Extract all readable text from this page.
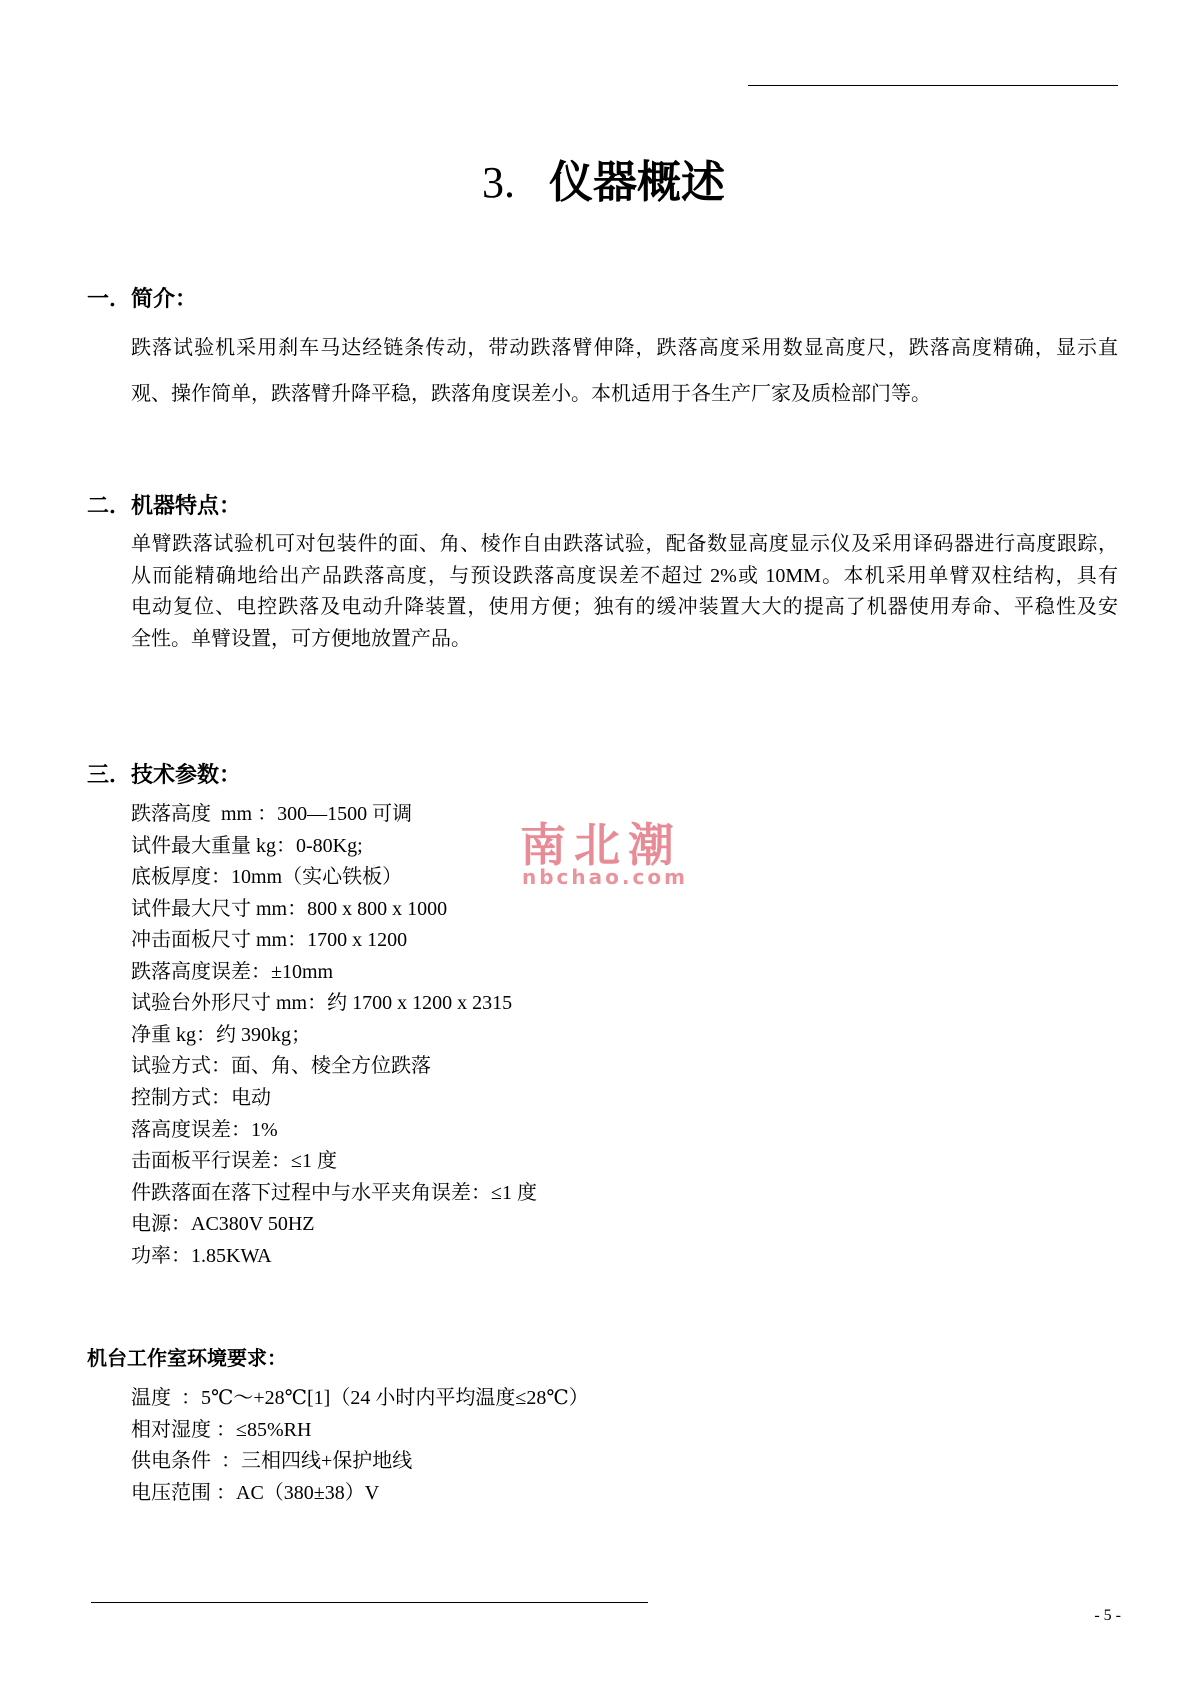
3. 仪器概述
一．简介：
跌落试验机采用刹车马达经链条传动，带动跌落臂伸降，跌落高度采用数显高度尺，跌落高度精确，显示直
观、操作简单，跌落臂升降平稳，跌落角度误差小。本机适用于各生产厂家及质检部门等。
二．机器特点：
单臂跌落试验机可对包装件的面、角、棱作自由跌落试验，配备数显高度显示仪及采用译码器进行高度跟踪，
从而能精确地给出产品跌落高度，与预设跌落高度误差不超过 2%或 10MM。本机采用单臂双柱结构，具有
电动复位、电控跌落及电动升降装置，使用方便；独有的缓冲装置大大的提高了机器使用寿命、平稳性及安
全性。单臂设置，可方便地放置产品。
三．技术参数：
跌落高度  mm ：300—1500 可调
试件最大重量 kg：0-80Kg;
底板厚度：10mm（实心铁板）
试件最大尺寸 mm：800 x 800 x 1000
冲击面板尺寸 mm：1700 x 1200
跌落高度误差：±10mm
试验台外形尺寸 mm：约 1700 x 1200 x 2315
净重 kg：约 390kg；
试验方式：面、角、棱全方位跌落
控制方式：电动
落高度误差：1%
击面板平行误差：≤1 度
件跌落面在落下过程中与水平夹角误差：≤1 度
电源：AC380V 50HZ
功率：1.85KWA
机台工作室环境要求：
温度  ：5℃～+28℃[1]（24 小时内平均温度≤28℃）
相对湿度 ：≤85%RH
供电条件  ：三相四线+保护地线
电压范围 ：AC（380±38）V
南北潮
nbchao.com
- 5 -
